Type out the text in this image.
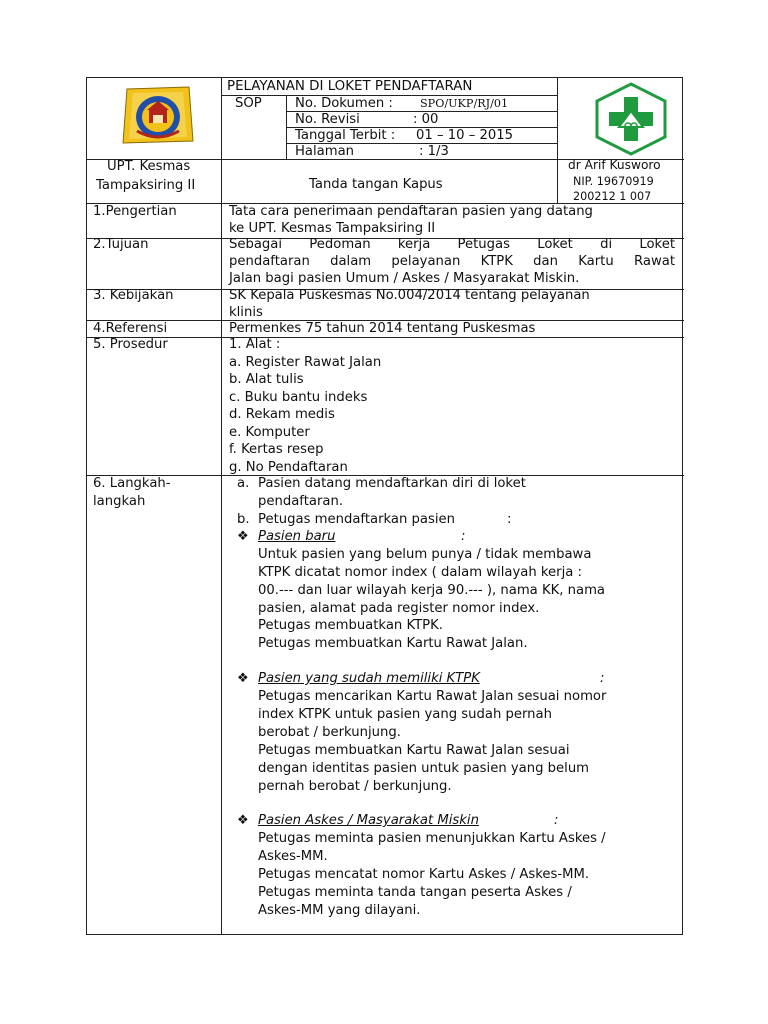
PELAYANAN DI LOKET PENDAFTARAN
SOP	No. Dokumen : SPO/UKP/RJ/01
No. Revisi	: 00
Tanggal Terbit : 01 – 10 – 2015
Halaman	: 1/3
UPT. Kesmas
Tampaksiring II	Tanda tangan Kapus
dr Arif Kusworo
NIP. 19670919
200212 1 007
1.Pengertian	Tata cara penerimaan pendaftaran pasien yang datang
ke UPT. Kesmas Tampaksiring II
2.Tujuan	Sebagai Pedoman kerja Petugas Loket di Loket
pendaftaran dalam pelayanan KTPK dan Kartu Rawat
Jalan bagi pasien Umum / Askes / Masyarakat Miskin.
3. Kebijakan	SK Kepala Puskesmas No.004/2014 tentang pelayanan
klinis
4.Referensi	Permenkes 75 tahun 2014 tentang Puskesmas
5. Prosedur	1. Alat :
a. Register Rawat Jalan
b. Alat tulis
c. Buku bantu indeks
d. Rekam medis
e. Komputer
f. Kertas resep
g. No Pendaftaran
6. Langkah-
langkah
a. Pasien datang mendaftarkan diri di loket
pendaftaran.
b. Petugas mendaftarkan pasien	:
❖ Pasien baru	:
Untuk pasien yang belum punya / tidak membawa
KTPK dicatat nomor index ( dalam wilayah kerja :
00.--- dan luar wilayah kerja 90.--- ), nama KK, nama
pasien, alamat pada register nomor index.
Petugas membuatkan KTPK.
Petugas membuatkan Kartu Rawat Jalan.
❖ Pasien yang sudah memiliki KTPK	:
Petugas mencarikan Kartu Rawat Jalan sesuai nomor
index KTPK untuk pasien yang sudah pernah
berobat / berkunjung.
Petugas membuatkan Kartu Rawat Jalan sesuai
dengan identitas pasien untuk pasien yang belum
pernah berobat / berkunjung.
❖ Pasien Askes / Masyarakat Miskin	:
Petugas meminta pasien menunjukkan Kartu Askes /
Askes-MM.
Petugas mencatat nomor Kartu Askes / Askes-MM.
Petugas meminta tanda tangan peserta Askes /
Askes-MM yang dilayani.
